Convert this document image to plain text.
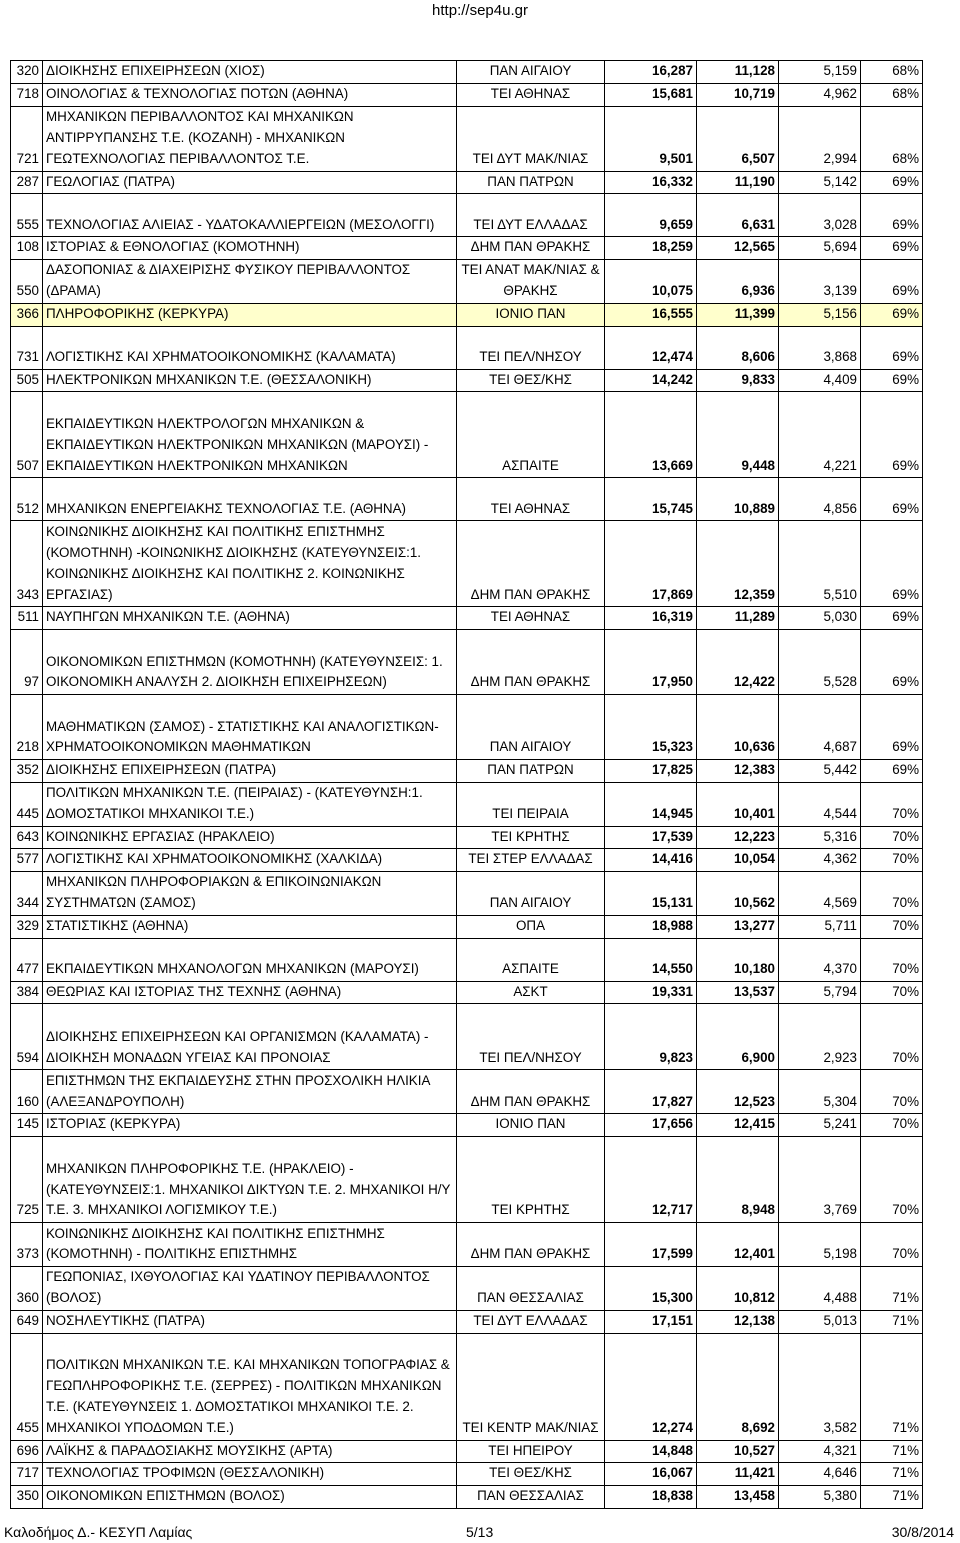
http://sep4u.gr
320	ΔΙΟΙΚΗΣΗΣ ΕΠΙΧΕΙΡΗΣΕΩΝ (ΧΙΟΣ)	ΠΑΝ ΑΙΓΑΙΟΥ	16,287	11,128	5,159	68%
718	ΟΙΝΟΛΟΓΙΑΣ & ΤΕΧΝΟΛΟΓΙΑΣ ΠΟΤΩΝ (ΑΘΗΝΑ)	ΤΕΙ ΑΘΗΝΑΣ	15,681	10,719	4,962	68%
721	ΜΗΧΑΝΙΚΩΝ ΠΕΡΙΒΑΛΛΟΝΤΟΣ ΚΑΙ ΜΗΧΑΝΙΚΩΝ ΑΝΤΙΡΡΥΠΑΝΣΗΣ Τ.Ε. (ΚΟΖΑΝΗ) - ΜΗΧΑΝΙΚΩΝ ΓΕΩΤΕΧΝΟΛΟΓΙΑΣ ΠΕΡΙΒΑΛΛΟΝΤΟΣ Τ.Ε.	ΤΕΙ ΔΥΤ ΜΑΚ/ΝΙΑΣ	9,501	6,507	2,994	68%
287	ΓΕΩΛΟΓΙΑΣ (ΠΑΤΡΑ)	ΠΑΝ ΠΑΤΡΩΝ	16,332	11,190	5,142	69%
555	ΤΕΧΝΟΛΟΓΙΑΣ ΑΛΙΕΙΑΣ - ΥΔΑΤΟΚΑΛΛΙΕΡΓΕΙΩΝ (ΜΕΣΟΛΟΓΓΙ)	ΤΕΙ ΔΥΤ ΕΛΛΑΔΑΣ	9,659	6,631	3,028	69%
108	ΙΣΤΟΡΙΑΣ & ΕΘΝΟΛΟΓΙΑΣ (ΚΟΜΟΤΗΝΗ)	ΔΗΜ ΠΑΝ ΘΡΑΚΗΣ	18,259	12,565	5,694	69%
550	ΔΑΣΟΠΟΝΙΑΣ & ΔΙΑΧΕΙΡΙΣΗΣ ΦΥΣΙΚΟΥ ΠΕΡΙΒΑΛΛΟΝΤΟΣ (ΔΡΑΜΑ)	ΤΕΙ ΑΝΑΤ ΜΑΚ/ΝΙΑΣ & ΘΡΑΚΗΣ	10,075	6,936	3,139	69%
366	ΠΛΗΡΟΦΟΡΙΚΗΣ (ΚΕΡΚΥΡΑ)	ΙΟΝΙΟ ΠΑΝ	16,555	11,399	5,156	69%
731	ΛΟΓΙΣΤΙΚΗΣ ΚΑΙ ΧΡΗΜΑΤΟΟΙΚΟΝΟΜΙΚΗΣ (ΚΑΛΑΜΑΤΑ)	ΤΕΙ ΠΕΛ/ΝΗΣΟΥ	12,474	8,606	3,868	69%
505	ΗΛΕΚΤΡΟΝΙΚΩΝ ΜΗΧΑΝΙΚΩΝ Τ.Ε. (ΘΕΣΣΑΛΟΝΙΚΗ)	ΤΕΙ ΘΕΣ/ΚΗΣ	14,242	9,833	4,409	69%
507	ΕΚΠΑΙΔΕΥΤΙΚΩΝ ΗΛΕΚΤΡΟΛΟΓΩΝ ΜΗΧΑΝΙΚΩΝ & ΕΚΠΑΙΔΕΥΤΙΚΩΝ ΗΛΕΚΤΡΟΝΙΚΩΝ ΜΗΧΑΝΙΚΩΝ (ΜΑΡΟΥΣΙ) - ΕΚΠΑΙΔΕΥΤΙΚΩΝ ΗΛΕΚΤΡΟΝΙΚΩΝ ΜΗΧΑΝΙΚΩΝ	ΑΣΠΑΙΤΕ	13,669	9,448	4,221	69%
512	ΜΗΧΑΝΙΚΩΝ ΕΝΕΡΓΕΙΑΚΗΣ ΤΕΧΝΟΛΟΓΙΑΣ Τ.Ε. (ΑΘΗΝΑ)	ΤΕΙ ΑΘΗΝΑΣ	15,745	10,889	4,856	69%
343	ΚΟΙΝΩΝΙΚΗΣ ΔΙΟΙΚΗΣΗΣ ΚΑΙ ΠΟΛΙΤΙΚΗΣ ΕΠΙΣΤΗΜΗΣ (ΚΟΜΟΤΗΝΗ) -ΚΟΙΝΩΝΙΚΗΣ ΔΙΟΙΚΗΣΗΣ (ΚΑΤΕΥΘΥΝΣΕΙΣ:1. ΚΟΙΝΩΝΙΚΗΣ ΔΙΟΙΚΗΣΗΣ ΚΑΙ ΠΟΛΙΤΙΚΗΣ 2. ΚΟΙΝΩΝΙΚΗΣ ΕΡΓΑΣΙΑΣ)	ΔΗΜ ΠΑΝ ΘΡΑΚΗΣ	17,869	12,359	5,510	69%
511	ΝΑΥΠΗΓΩΝ ΜΗΧΑΝΙΚΩΝ Τ.Ε. (ΑΘΗΝΑ)	ΤΕΙ ΑΘΗΝΑΣ	16,319	11,289	5,030	69%
97	ΟΙΚΟΝΟΜΙΚΩΝ ΕΠΙΣΤΗΜΩΝ (ΚΟΜΟΤΗΝΗ) (ΚΑΤΕΥΘΥΝΣΕΙΣ: 1. ΟΙΚΟΝΟΜΙΚΗ ΑΝΑΛΥΣΗ 2. ΔΙΟΙΚΗΣΗ ΕΠΙΧΕΙΡΗΣΕΩΝ)	ΔΗΜ ΠΑΝ ΘΡΑΚΗΣ	17,950	12,422	5,528	69%
218	ΜΑΘΗΜΑΤΙΚΩΝ (ΣΑΜΟΣ) - ΣΤΑΤΙΣΤΙΚΗΣ ΚΑΙ ΑΝΑΛΟΓΙΣΤΙΚΩΝ-ΧΡΗΜΑΤΟΟΙΚΟΝΟΜΙΚΩΝ ΜΑΘΗΜΑΤΙΚΩΝ	ΠΑΝ ΑΙΓΑΙΟΥ	15,323	10,636	4,687	69%
352	ΔΙΟΙΚΗΣΗΣ ΕΠΙΧΕΙΡΗΣΕΩΝ (ΠΑΤΡΑ)	ΠΑΝ ΠΑΤΡΩΝ	17,825	12,383	5,442	69%
445	ΠΟΛΙΤΙΚΩΝ ΜΗΧΑΝΙΚΩΝ Τ.Ε. (ΠΕΙΡΑΙΑΣ) - (ΚΑΤΕΥΘΥΝΣΗ:1. ΔΟΜΟΣΤΑΤΙΚΟΙ ΜΗΧΑΝΙΚΟΙ Τ.Ε.)	ΤΕΙ ΠΕΙΡΑΙΑ	14,945	10,401	4,544	70%
643	ΚΟΙΝΩΝΙΚΗΣ ΕΡΓΑΣΙΑΣ (ΗΡΑΚΛΕΙΟ)	ΤΕΙ ΚΡΗΤΗΣ	17,539	12,223	5,316	70%
577	ΛΟΓΙΣΤΙΚΗΣ ΚΑΙ ΧΡΗΜΑΤΟΟΙΚΟΝΟΜΙΚΗΣ (ΧΑΛΚΙΔΑ)	ΤΕΙ ΣΤΕΡ ΕΛΛΑΔΑΣ	14,416	10,054	4,362	70%
344	ΜΗΧΑΝΙΚΩΝ ΠΛΗΡΟΦΟΡΙΑΚΩΝ & ΕΠΙΚΟΙΝΩΝΙΑΚΩΝ ΣΥΣΤΗΜΑΤΩΝ (ΣΑΜΟΣ)	ΠΑΝ ΑΙΓΑΙΟΥ	15,131	10,562	4,569	70%
329	ΣΤΑΤΙΣΤΙΚΗΣ (ΑΘΗΝΑ)	ΟΠΑ	18,988	13,277	5,711	70%
477	ΕΚΠΑΙΔΕΥΤΙΚΩΝ ΜΗΧΑΝΟΛΟΓΩΝ ΜΗΧΑΝΙΚΩΝ (ΜΑΡΟΥΣΙ)	ΑΣΠΑΙΤΕ	14,550	10,180	4,370	70%
384	ΘΕΩΡΙΑΣ ΚΑΙ ΙΣΤΟΡΙΑΣ ΤΗΣ ΤΕΧΝΗΣ (ΑΘΗΝΑ)	ΑΣΚΤ	19,331	13,537	5,794	70%
594	ΔΙΟΙΚΗΣΗΣ ΕΠΙΧΕΙΡΗΣΕΩΝ ΚΑΙ ΟΡΓΑΝΙΣΜΩΝ (ΚΑΛΑΜΑΤΑ) - ΔΙΟΙΚΗΣΗ ΜΟΝΑΔΩΝ ΥΓΕΙΑΣ ΚΑΙ ΠΡΟΝΟΙΑΣ	ΤΕΙ ΠΕΛ/ΝΗΣΟΥ	9,823	6,900	2,923	70%
160	ΕΠΙΣΤΗΜΩΝ ΤΗΣ ΕΚΠΑΙΔΕΥΣΗΣ ΣΤΗΝ ΠΡΟΣΧΟΛΙΚΗ ΗΛΙΚΙΑ (ΑΛΕΞΑΝΔΡΟΥΠΟΛΗ)	ΔΗΜ ΠΑΝ ΘΡΑΚΗΣ	17,827	12,523	5,304	70%
145	ΙΣΤΟΡΙΑΣ (ΚΕΡΚΥΡΑ)	ΙΟΝΙΟ ΠΑΝ	17,656	12,415	5,241	70%
725	ΜΗΧΑΝΙΚΩΝ ΠΛΗΡΟΦΟΡΙΚΗΣ Τ.Ε. (ΗΡΑΚΛΕΙΟ) - (ΚΑΤΕΥΘΥΝΣΕΙΣ:1. ΜΗΧΑΝΙΚΟΙ ΔΙΚΤΥΩΝ Τ.Ε. 2. ΜΗΧΑΝΙΚΟΙ Η/Υ Τ.Ε. 3. ΜΗΧΑΝΙΚΟΙ ΛΟΓΙΣΜΙΚΟΥ Τ.Ε.)	ΤΕΙ ΚΡΗΤΗΣ	12,717	8,948	3,769	70%
373	ΚΟΙΝΩΝΙΚΗΣ ΔΙΟΙΚΗΣΗΣ ΚΑΙ ΠΟΛΙΤΙΚΗΣ ΕΠΙΣΤΗΜΗΣ (ΚΟΜΟΤΗΝΗ) - ΠΟΛΙΤΙΚΗΣ ΕΠΙΣΤΗΜΗΣ	ΔΗΜ ΠΑΝ ΘΡΑΚΗΣ	17,599	12,401	5,198	70%
360	ΓΕΩΠΟΝΙΑΣ, ΙΧΘΥΟΛΟΓΙΑΣ ΚΑΙ ΥΔΑΤΙΝΟΥ ΠΕΡΙΒΑΛΛΟΝΤΟΣ (ΒΟΛΟΣ)	ΠΑΝ ΘΕΣΣΑΛΙΑΣ	15,300	10,812	4,488	71%
649	ΝΟΣΗΛΕΥΤΙΚΗΣ (ΠΑΤΡΑ)	ΤΕΙ ΔΥΤ ΕΛΛΑΔΑΣ	17,151	12,138	5,013	71%
455	ΠΟΛΙΤΙΚΩΝ ΜΗΧΑΝΙΚΩΝ Τ.Ε. ΚΑΙ ΜΗΧΑΝΙΚΩΝ ΤΟΠΟΓΡΑΦΙΑΣ & ΓΕΩΠΛΗΡΟΦΟΡΙΚΗΣ Τ.Ε. (ΣΕΡΡΕΣ) - ΠΟΛΙΤΙΚΩΝ ΜΗΧΑΝΙΚΩΝ Τ.Ε. (ΚΑΤΕΥΘΥΝΣΕΙΣ 1. ΔΟΜΟΣΤΑΤΙΚΟΙ ΜΗΧΑΝΙΚΟΙ Τ.Ε. 2. ΜΗΧΑΝΙΚΟΙ ΥΠΟΔΟΜΩΝ Τ.Ε.)	ΤΕΙ ΚΕΝΤΡ ΜΑΚ/ΝΙΑΣ	12,274	8,692	3,582	71%
696	ΛΑΪΚΗΣ & ΠΑΡΑΔΟΣΙΑΚΗΣ ΜΟΥΣΙΚΗΣ (ΑΡΤΑ)	ΤΕΙ ΗΠΕΙΡΟΥ	14,848	10,527	4,321	71%
717	ΤΕΧΝΟΛΟΓΙΑΣ ΤΡΟΦΙΜΩΝ (ΘΕΣΣΑΛΟΝΙΚΗ)	ΤΕΙ ΘΕΣ/ΚΗΣ	16,067	11,421	4,646	71%
350	ΟΙΚΟΝΟΜΙΚΩΝ ΕΠΙΣΤΗΜΩΝ (ΒΟΛΟΣ)	ΠΑΝ ΘΕΣΣΑΛΙΑΣ	18,838	13,458	5,380	71%
Καλοδήμος Δ.- ΚΕΣΥΠ Λαμίας	5/13	30/8/2014
